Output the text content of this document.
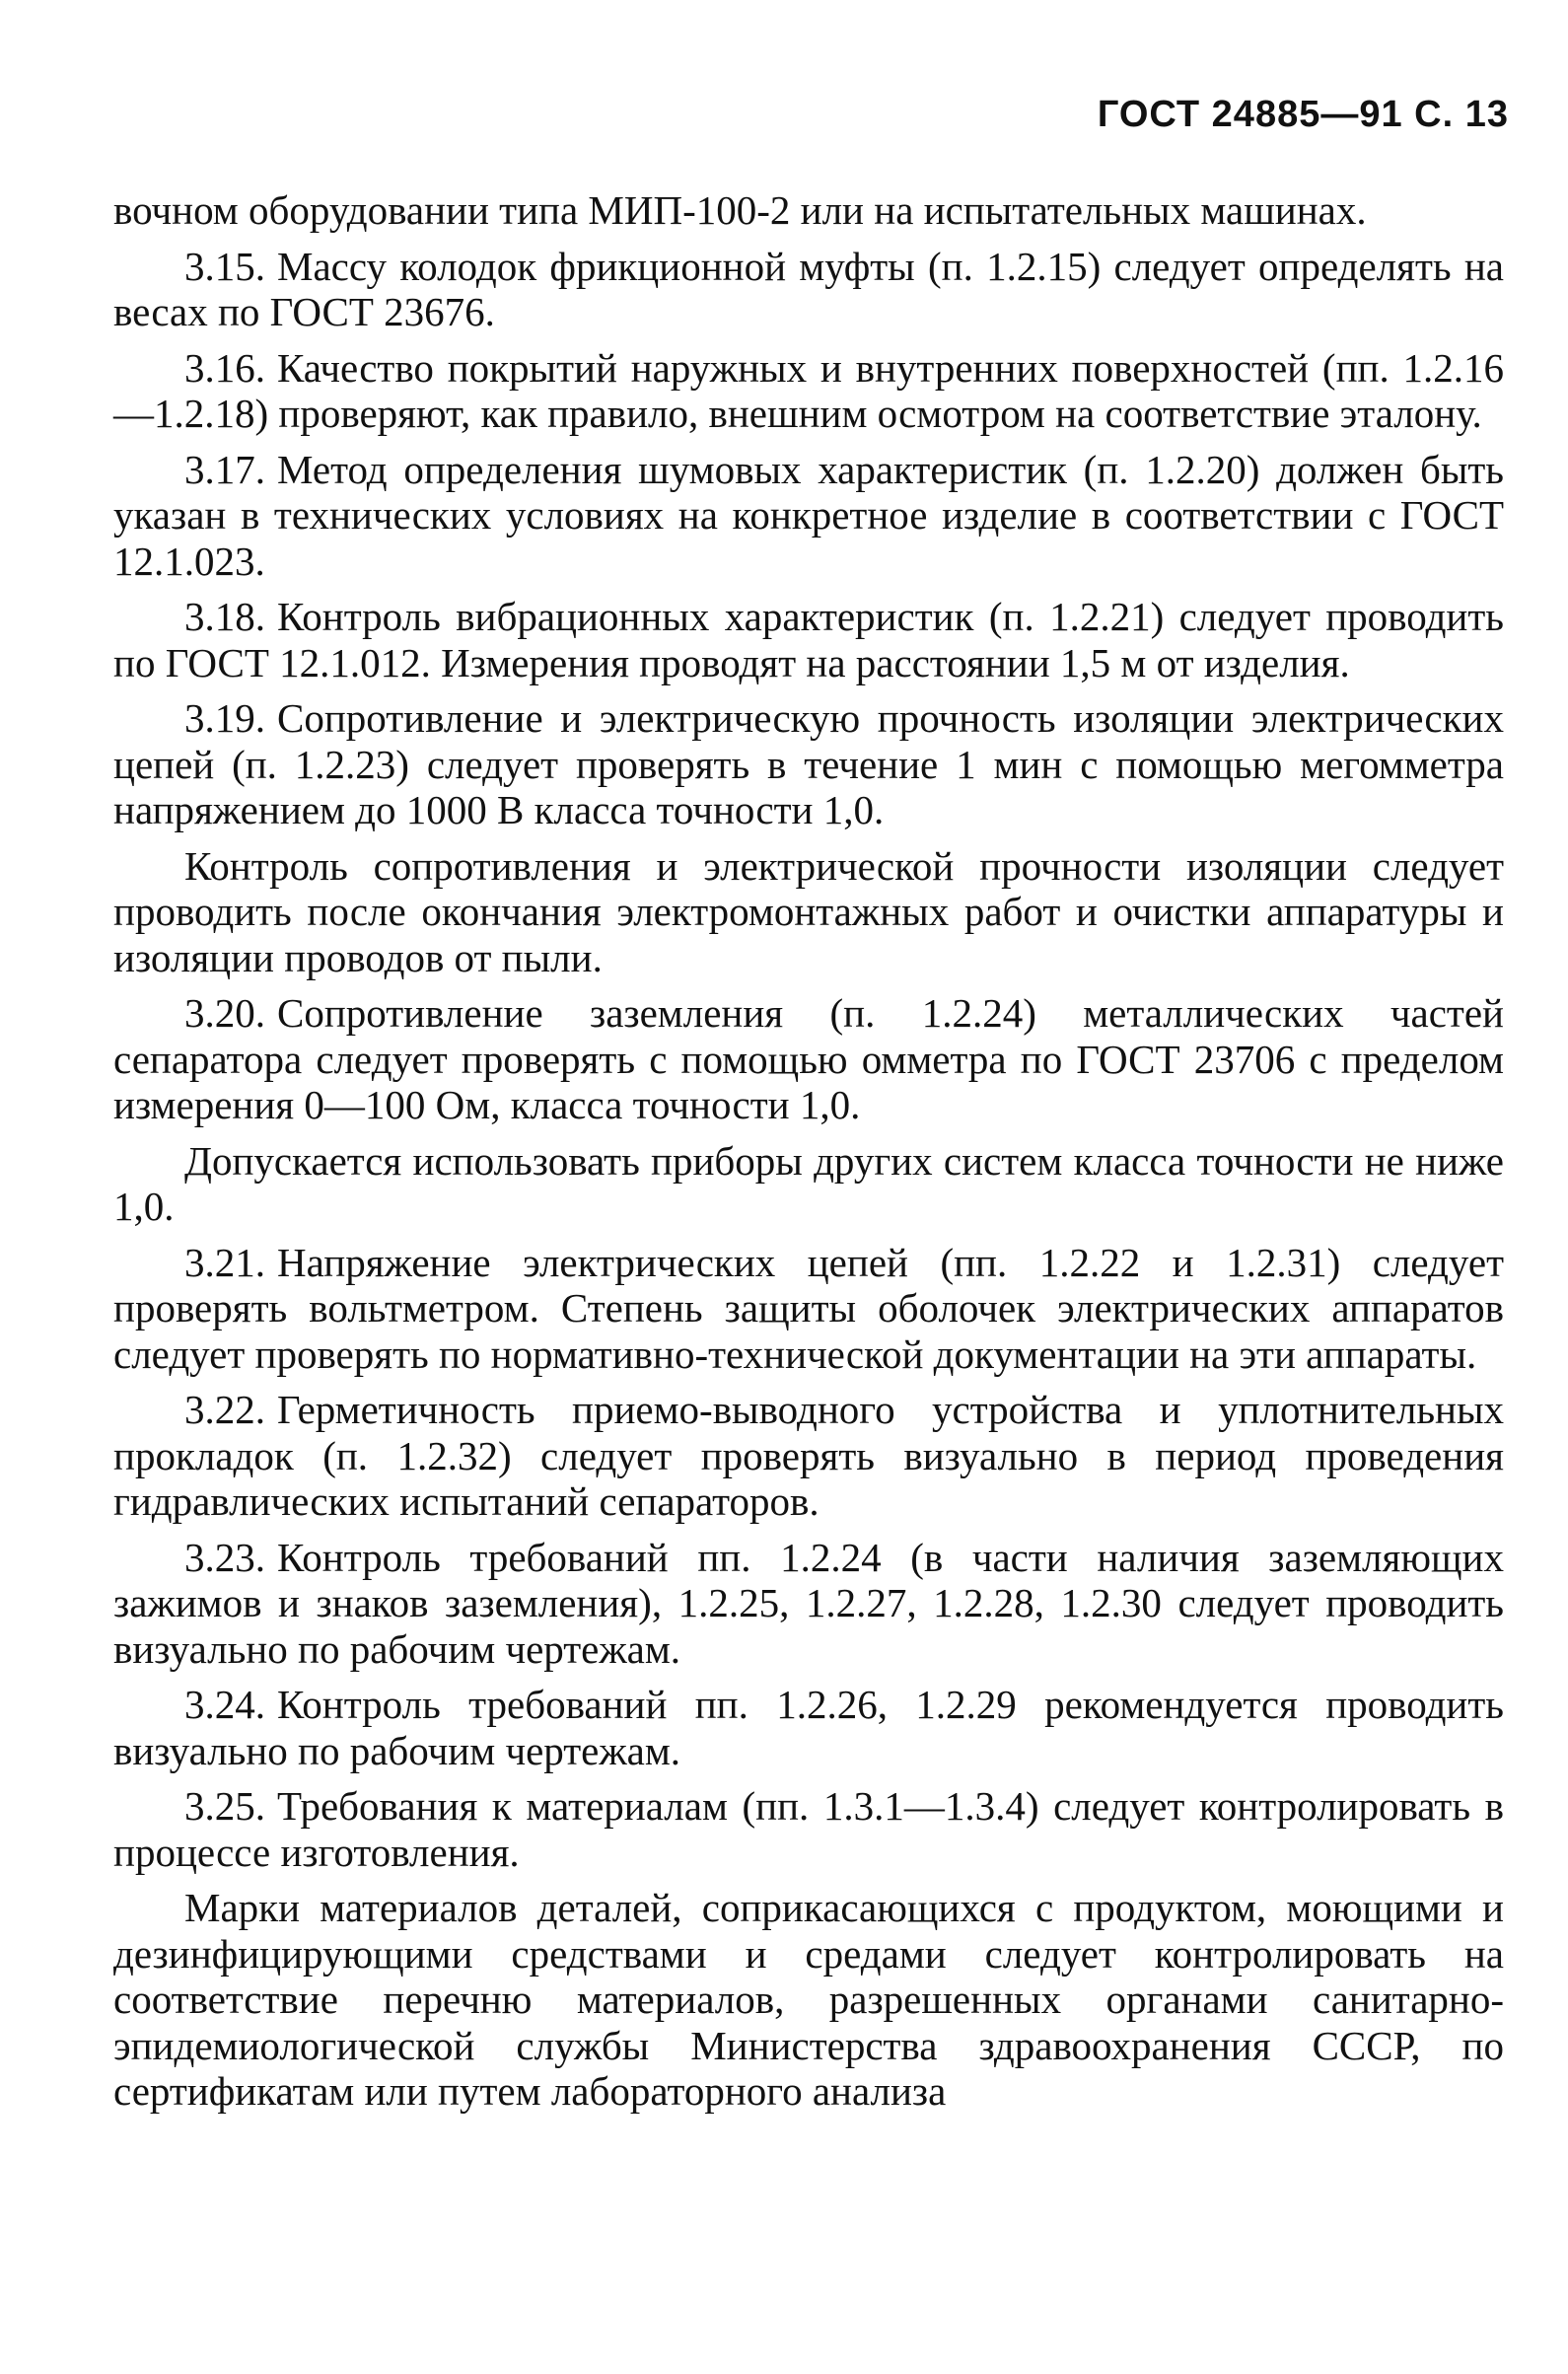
ГОСТ 24885—91 С. 13

вочном оборудовании типа МИП-100-2 или на испытательных машинах.

3.15. Массу колодок фрикционной муфты (п. 1.2.15) следует определять на весах по ГОСТ 23676.

3.16. Качество покрытий наружных и внутренних поверхностей (пп. 1.2.16—1.2.18) проверяют, как правило, внешним осмотром на соответствие эталону.

3.17. Метод определения шумовых характеристик (п. 1.2.20) должен быть указан в технических условиях на конкретное изделие в соответствии с ГОСТ 12.1.023.

3.18. Контроль вибрационных характеристик (п. 1.2.21) следует проводить по ГОСТ 12.1.012. Измерения проводят на расстоянии 1,5 м от изделия.

3.19. Сопротивление и электрическую прочность изоляции электрических цепей (п. 1.2.23) следует проверять в течение 1 мин с помощью мегомметра напряжением до 1000 В класса точности 1,0.

Контроль сопротивления и электрической прочности изоляции следует проводить после окончания электромонтажных работ и очистки аппаратуры и изоляции проводов от пыли.

3.20. Сопротивление заземления (п. 1.2.24) металлических частей сепаратора следует проверять с помощью омметра по ГОСТ 23706 с пределом измерения 0—100 Ом, класса точности 1,0.

Допускается использовать приборы других систем класса точности не ниже 1,0.

3.21. Напряжение электрических цепей (пп. 1.2.22 и 1.2.31) следует проверять вольтметром. Степень защиты оболочек электрических аппаратов следует проверять по нормативно-технической документации на эти аппараты.

3.22. Герметичность приемо-выводного устройства и уплотнительных прокладок (п. 1.2.32) следует проверять визуально в период проведения гидравлических испытаний сепараторов.

3.23. Контроль требований пп. 1.2.24 (в части наличия заземляющих зажимов и знаков заземления), 1.2.25, 1.2.27, 1.2.28, 1.2.30 следует проводить визуально по рабочим чертежам.

3.24. Контроль требований пп. 1.2.26, 1.2.29 рекомендуется проводить визуально по рабочим чертежам.

3.25. Требования к материалам (пп. 1.3.1—1.3.4) следует контролировать в процессе изготовления.

Марки материалов деталей, соприкасающихся с продуктом, моющими и дезинфицирующими средствами и средами следует контролировать на соответствие перечню материалов, разрешенных органами санитарно-эпидемиологической службы Министерства здравоохранения СССР, по сертификатам или путем лабораторного анализа
